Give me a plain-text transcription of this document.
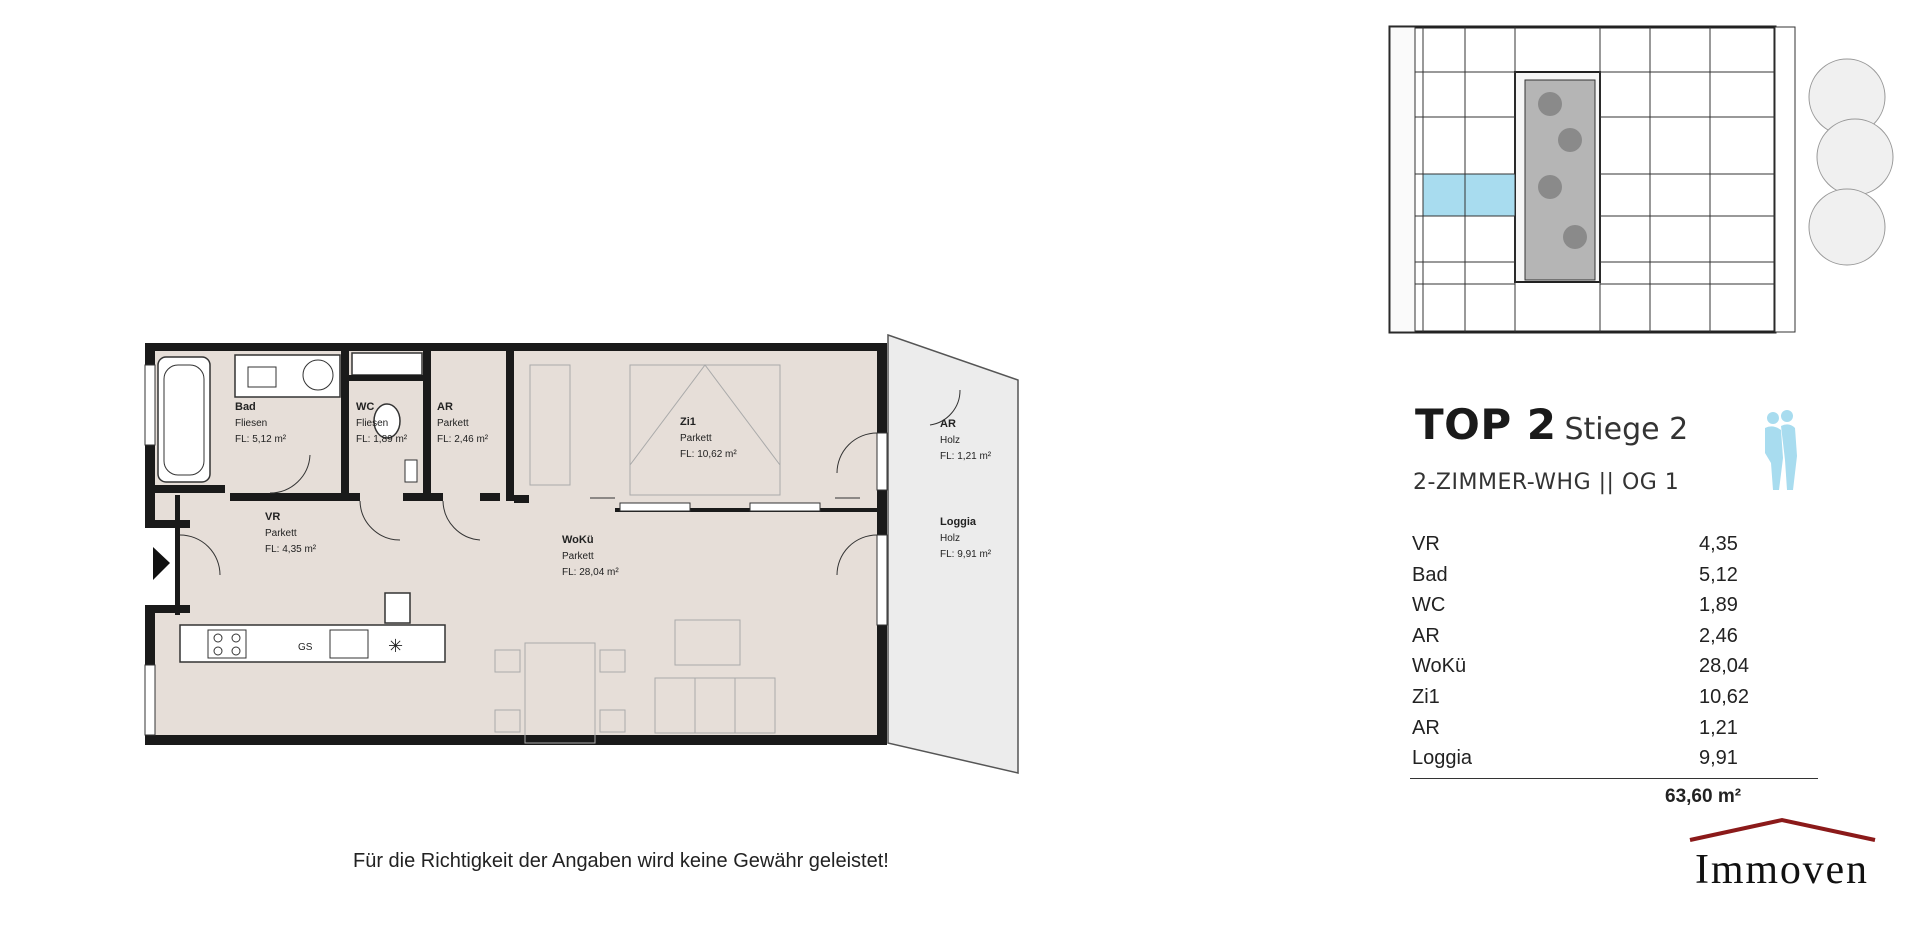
GS	✳
Bad
Fliesen
FL: 5,12 m²
WC
Fliesen
FL: 1,89 m²
AR
Parkett
FL: 2,46 m²
Zi1
Parkett
FL: 10,62 m²
VR
Parkett
FL: 4,35 m²
WoKü
Parkett
FL: 28,04 m²
AR
Holz
FL: 1,21 m²
Loggia
Holz
FL: 9,91 m²
TOP 2 Stiege 2
2-ZIMMER-WHG || OG 1
VR	4,35
Bad	5,12
WC	1,89
AR	2,46
WoKü	28,04
Zi1	10,62
AR	1,21
Loggia	9,91
63,60 m²
Für die Richtigkeit der Angaben wird keine Gewähr geleistet!	Immoven
